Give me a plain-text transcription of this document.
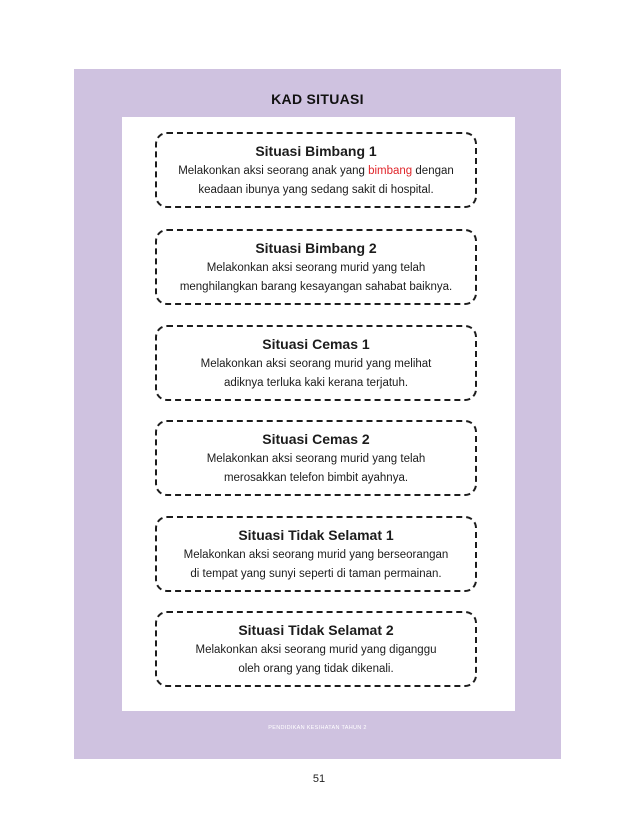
KAD SITUASI
Situasi Bimbang 1
Melakonkan aksi seorang anak yang bimbang dengan
keadaan ibunya yang sedang sakit di hospital.
Situasi Bimbang 2
Melakonkan aksi seorang murid yang telah
menghilangkan barang kesayangan sahabat baiknya.
Situasi Cemas 1
Melakonkan aksi seorang murid yang melihat
adiknya terluka kaki kerana terjatuh.
Situasi Cemas 2
Melakonkan aksi seorang murid yang telah
merosakkan telefon bimbit ayahnya.
Situasi Tidak Selamat 1
Melakonkan aksi seorang murid yang berseorangan
di tempat yang sunyi seperti di taman permainan.
Situasi Tidak Selamat 2
Melakonkan aksi seorang murid yang diganggu
oleh orang yang tidak dikenali.
PENDIDIKAN KESIHATAN TAHUN 2
51
